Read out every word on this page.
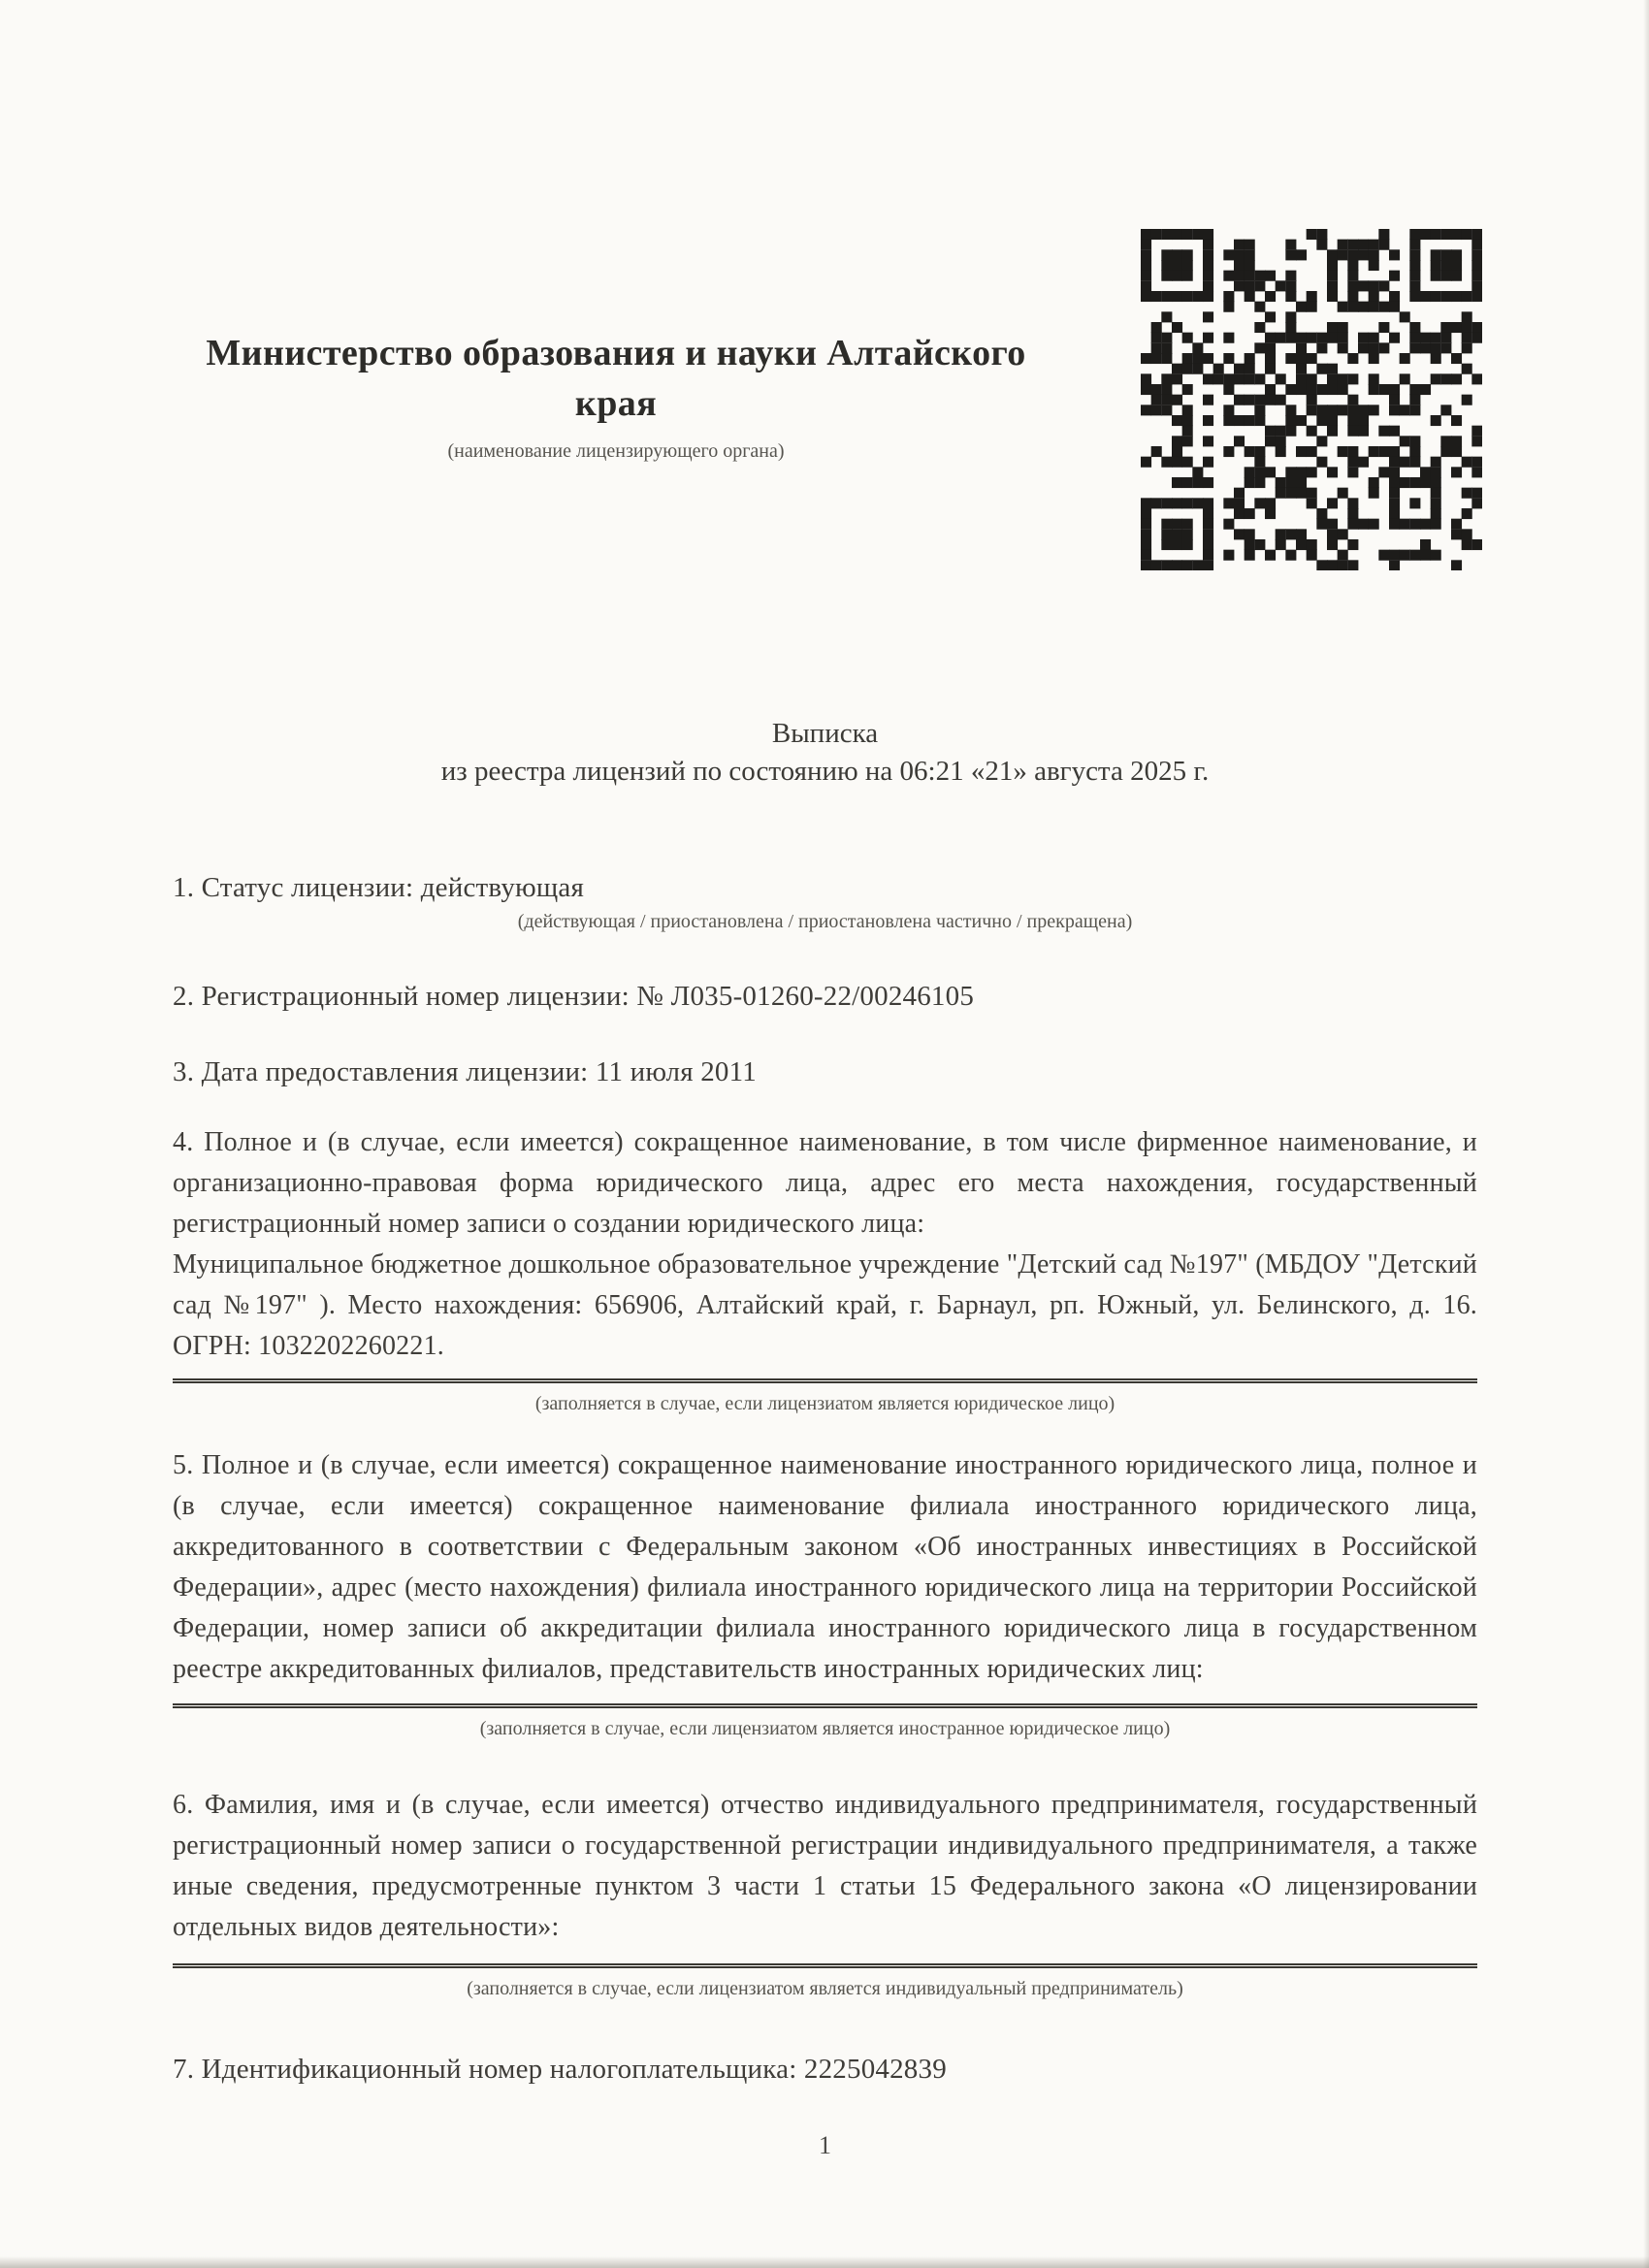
Министерство образования и науки Алтайского
края
(наименование лицензирующего органа)
Выписка
из реестра лицензий по состоянию на 06:21 «21» августа 2025 г.

1. Статус лицензии: действующая

(действующая / приостановлена / приостановлена частично / прекращена)

2. Регистрационный номер лицензии: № Л035-01260-22/00246105

3. Дата предоставления лицензии: 11 июля 2011

4. Полное и (в случае, если имеется) сокращенное наименование, в том числе фирменное наименование, и организационно-правовая форма юридического лица, адрес его места нахождения, государственный регистрационный номер записи о создании юридического лица:

Муниципальное бюджетное дошкольное образовательное учреждение "Детский сад №197" (МБДОУ "Детский сад №197" ). Место нахождения: 656906, Алтайский край, г. Барнаул, рп. Южный, ул. Белинского, д. 16. ОГРН: 1032202260221.

(заполняется в случае, если лицензиатом является юридическое лицо)

5. Полное и (в случае, если имеется) сокращенное наименование иностранного юридического лица, полное и (в случае, если имеется) сокращенное наименование филиала иностранного юридического лица, аккредитованного в соответствии с Федеральным законом «Об иностранных инвестициях в Российской Федерации», адрес (место нахождения) филиала иностранного юридического лица на территории Российской Федерации, номер записи об аккредитации филиала иностранного юридического лица в государственном реестре аккредитованных филиалов, представительств иностранных юридических лиц:

(заполняется в случае, если лицензиатом является иностранное юридическое лицо)

6. Фамилия, имя и (в случае, если имеется) отчество индивидуального предпринимателя, государственный регистрационный номер записи о государственной регистрации индивидуального предпринимателя, а также иные сведения, предусмотренные пунктом 3 части 1 статьи 15 Федерального закона «О лицензировании отдельных видов деятельности»:

(заполняется в случае, если лицензиатом является индивидуальный предприниматель)

7. Идентификационный номер налогоплательщика: 2225042839

1
